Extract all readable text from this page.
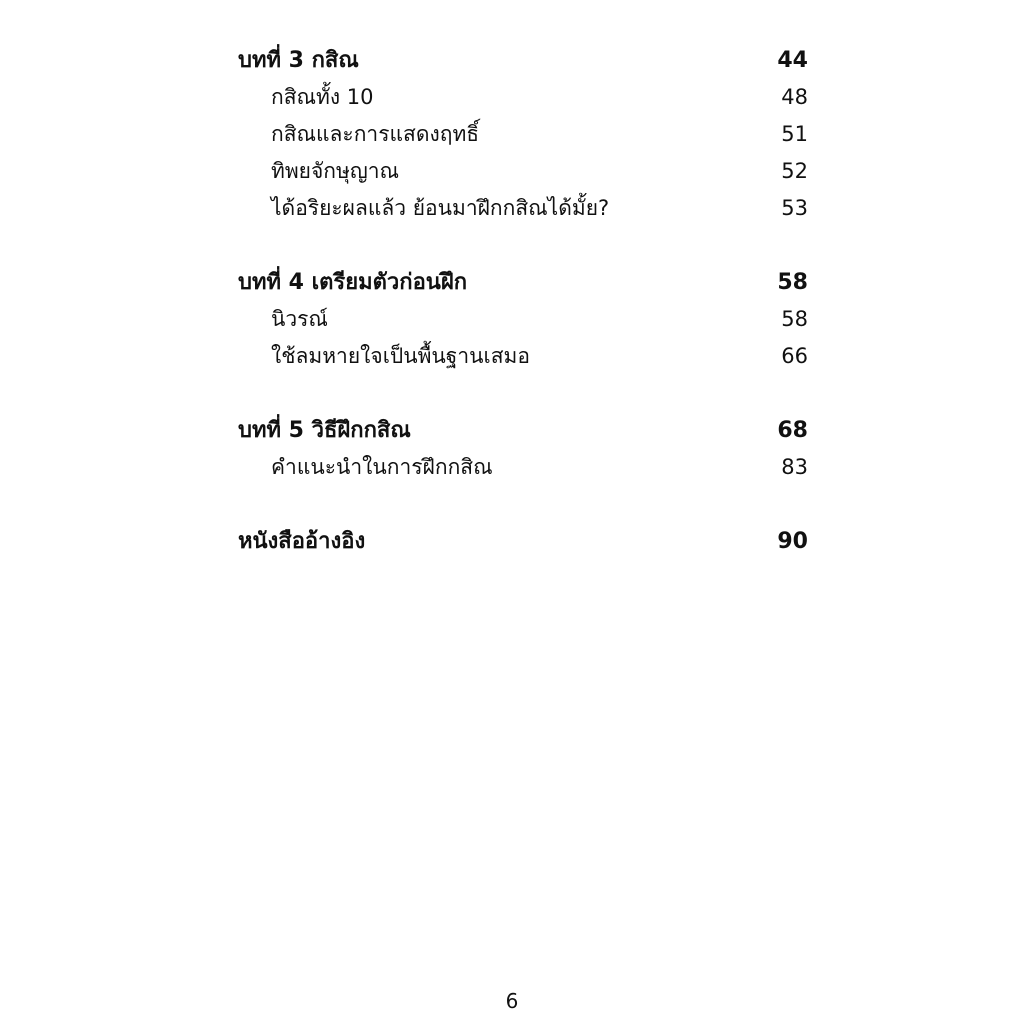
บทที่ 3 กสิณ	44
กสิณทั้ง 10	48
กสิณและการแสดงฤทธิ์	51
ทิพยจักษุญาณ	52
ได้อริยะผลแล้ว ย้อนมาฝึกกสิณได้มั้ย?	53
บทที่ 4 เตรียมตัวก่อนฝึก	58
นิวรณ์	58
ใช้ลมหายใจเป็นพื้นฐานเสมอ	66
บทที่ 5 วิธีฝึกกสิณ	68
คำแนะนำในการฝึกกสิณ	83
หนังสืออ้างอิง	90
6
